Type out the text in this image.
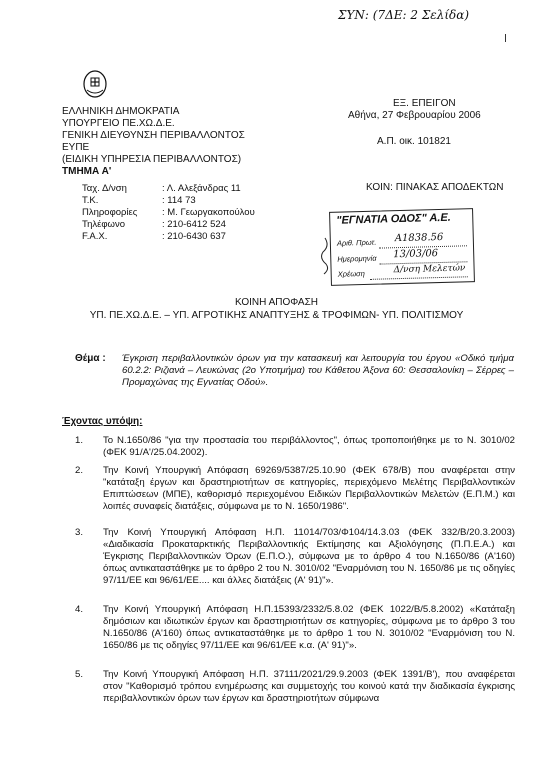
ΣΥΝ: (7ΔΕ: 2 Σελίδα)
ΕΛΛΗΝΙΚΗ ΔΗΜΟΚΡΑΤΙΑ
ΥΠΟΥΡΓΕΙΟ ΠΕ.ΧΩ.Δ.Ε.
ΓΕΝΙΚΗ ΔΙΕΥΘΥΝΣΗ ΠΕΡΙΒΑΛΛΟΝΤΟΣ
ΕΥΠΕ
(ΕΙΔΙΚΗ ΥΠΗΡΕΣΙΑ ΠΕΡΙΒΑΛΛΟΝΤΟΣ)
ΤΜΗΜΑ Α'
ΕΞ. ΕΠΕΙΓΟΝ
Αθήνα, 27 Φεβρουαρίου 2006
Α.Π. οικ. 101821
ΚΟΙΝ: ΠΙΝΑΚΑΣ ΑΠΟΔΕΚΤΩΝ
Ταχ. Δ/νση	: Λ. Αλεξάνδρας 11
Τ.Κ.	: 114 73
Πληροφορίες	: Μ. Γεωργακοπούλου
Τηλέφωνο	: 210-6412 524
F.A.X.	: 210-6430 637
"ΕΓΝΑΤΙΑ ΟΔΟΣ" Α.Ε.
Αριθ. Πρωτ. Α1838.56
Ημερομηνία 13/03/06
Χρέωση	Δ/νση Μελετών
ΚΟΙΝΗ ΑΠΟΦΑΣΗ
ΥΠ. ΠΕ.ΧΩ.Δ.Ε. – ΥΠ. ΑΓΡΟΤΙΚΗΣ ΑΝΑΠΤΥΞΗΣ & ΤΡΟΦΙΜΩΝ- ΥΠ. ΠΟΛΙΤΙΣΜΟΥ
Θέμα : Έγκριση περιβαλλοντικών όρων για την κατασκευή και λειτουργία του έργου «Οδικό τμήμα 60.2.2: Ριζιανά – Λευκώνας (2ο Υποτμήμα) του Κάθετου Άξονα 60: Θεσσαλονίκη – Σέρρες – Προμαχώνας της Εγνατίας Οδού».
Έχοντας υπόψη:
1. Το Ν.1650/86 "για την προστασία του περιβάλλοντος", όπως τροποποιήθηκε με το Ν. 3010/02 (ΦΕΚ 91/Α'/25.04.2002).
2. Την Κοινή Υπουργική Απόφαση 69269/5387/25.10.90 (ΦΕΚ 678/Β) που αναφέρεται στην "κατάταξη έργων και δραστηριοτήτων σε κατηγορίες, περιεχόμενο Μελέτης Περιβαλλοντικών Επιπτώσεων (ΜΠΕ), καθορισμό περιεχομένου Ειδικών Περιβαλλοντικών Μελετών (Ε.Π.Μ.) και λοιπές συναφείς διατάξεις, σύμφωνα με το Ν. 1650/1986".
3. Την Κοινή Υπουργική Απόφαση Η.Π. 11014/703/Φ104/14.3.03 (ΦΕΚ 332/Β/20.3.2003) «Διαδικασία Προκαταρκτικής Περιβαλλοντικής Εκτίμησης και Αξιολόγησης (Π.Π.Ε.Α.) και Έγκρισης Περιβαλλοντικών Όρων (Ε.Π.Ο.), σύμφωνα με το άρθρο 4 του Ν.1650/86 (Α'160) όπως αντικαταστάθηκε με το άρθρο 2 του Ν. 3010/02 "Εναρμόνιση του Ν. 1650/86 με τις οδηγίες 97/11/ΕΕ και 96/61/ΕΕ.... και άλλες διατάξεις (Α' 91)"».
4. Την Κοινή Υπουργική Απόφαση Η.Π.15393/2332/5.8.02 (ΦΕΚ 1022/Β/5.8.2002) «Κατάταξη δημόσιων και ιδιωτικών έργων και δραστηριοτήτων σε κατηγορίες, σύμφωνα με το άρθρο 3 του Ν.1650/86 (Α'160) όπως αντικαταστάθηκε με το άρθρο 1 του Ν. 3010/02 "Εναρμόνιση του Ν. 1650/86 με τις οδηγίες 97/11/ΕΕ και 96/61/ΕΕ κ.α. (Α' 91)"».
5. Την Κοινή Υπουργική Απόφαση Η.Π. 37111/2021/29.9.2003 (ΦΕΚ 1391/Β'), που αναφέρεται στον "Καθορισμό τρόπου ενημέρωσης και συμμετοχής του κοινού κατά την διαδικασία έγκρισης περιβαλλοντικών όρων των έργων και δραστηριοτήτων σύμφωνα
